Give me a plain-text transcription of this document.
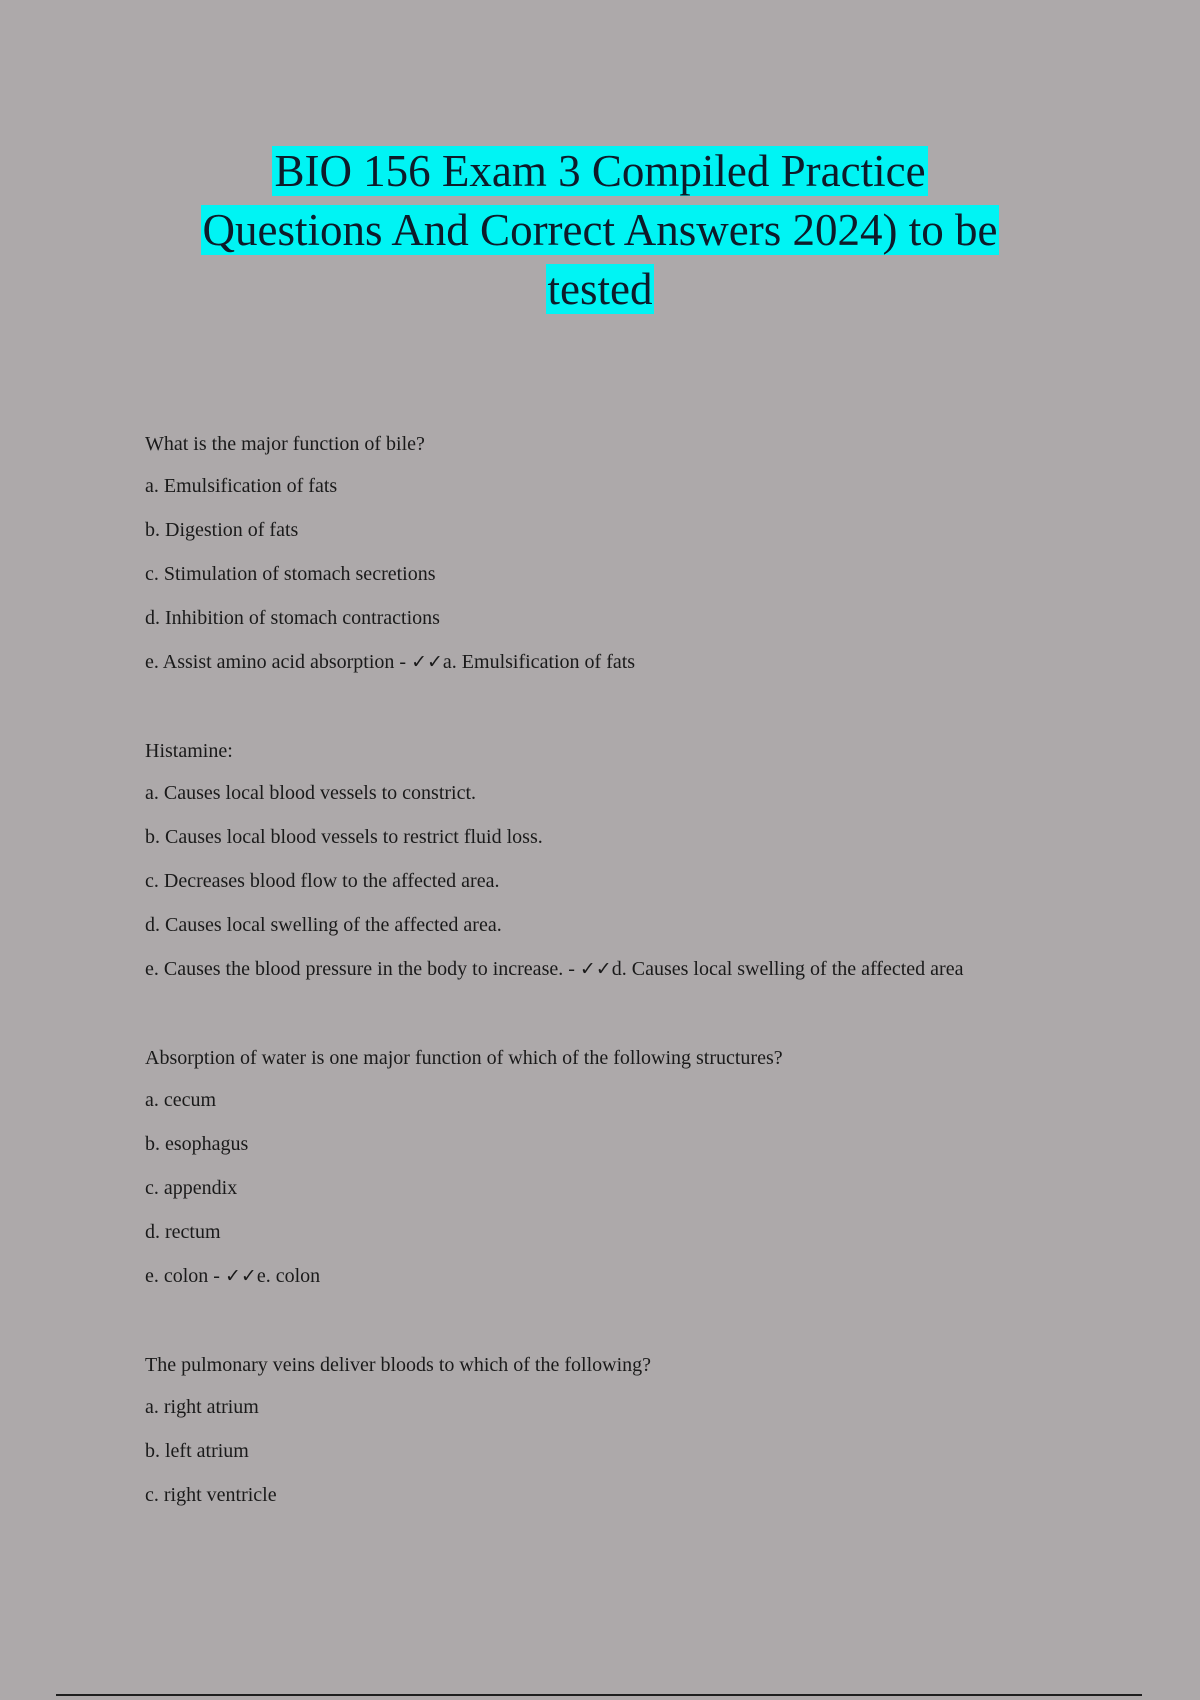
BIO 156 Exam 3 Compiled Practice
Questions And Correct Answers 2024) to be
tested
What is the major function of bile?
a. Emulsification of fats
b. Digestion of fats
c. Stimulation of stomach secretions
d. Inhibition of stomach contractions
e. Assist amino acid absorption - ✓✓a. Emulsification of fats
Histamine:
a. Causes local blood vessels to constrict.
b. Causes local blood vessels to restrict fluid loss.
c. Decreases blood flow to the affected area.
d. Causes local swelling of the affected area.
e. Causes the blood pressure in the body to increase. - ✓✓d. Causes local swelling of the affected area
Absorption of water is one major function of which of the following structures?
a. cecum
b. esophagus
c. appendix
d. rectum
e. colon - ✓✓e. colon
The pulmonary veins deliver bloods to which of the following?
a. right atrium
b. left atrium
c. right ventricle
